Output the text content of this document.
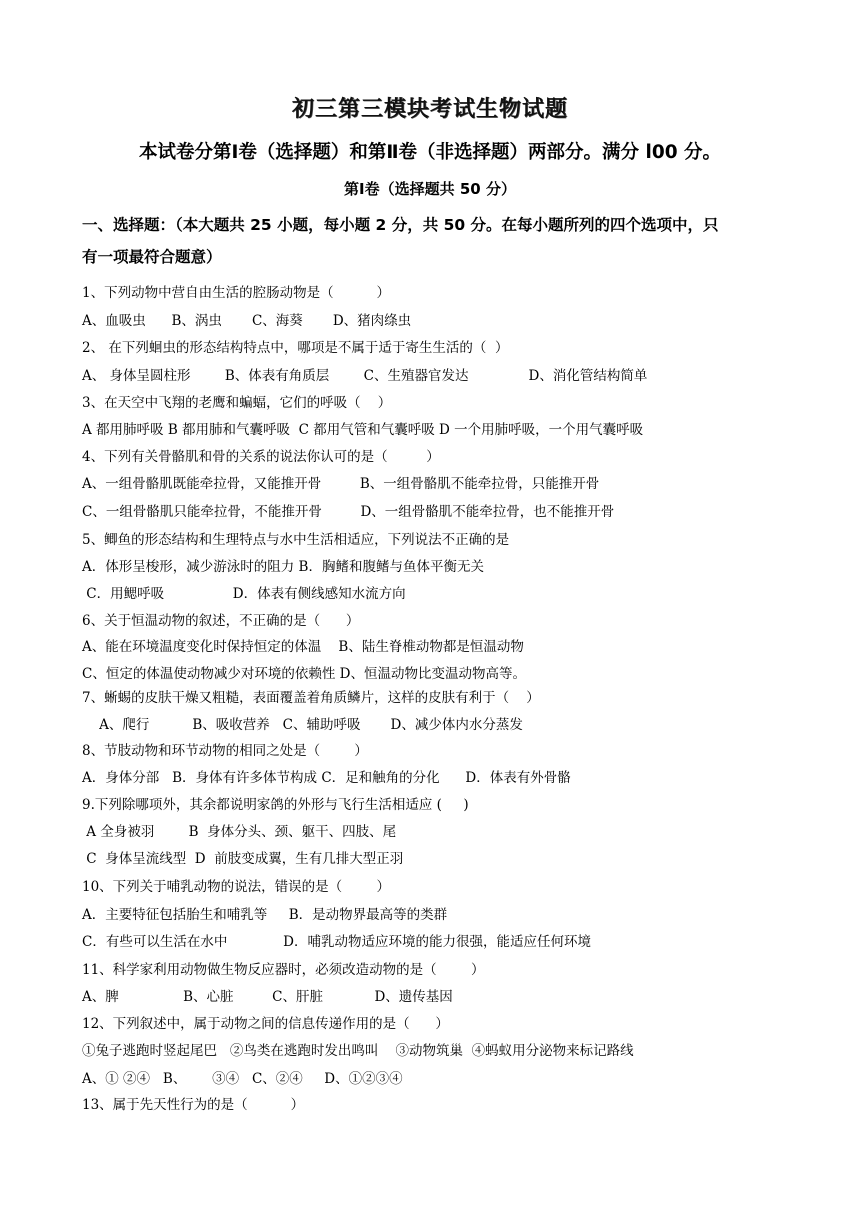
初三第三模块考试生物试题
本试卷分第Ⅰ卷（选择题）和第Ⅱ卷（非选择题）两部分。满分 l00 分。
第Ⅰ卷（选择题共 50 分）
一、选择题：（本大题共 25 小题，每小题 2 分，共 50 分。在每小题所列的四个选项中，只
有一项最符合题意）
1、下列动物中营自由生活的腔肠动物是（          ）
A、血吸虫      B、涡虫       C、海葵       D、猪肉绦虫
2、 在下列蛔虫的形态结构特点中，哪项是不属于适于寄生生活的（  ）
A、 身体呈圆柱形        B、体表有角质层        C、生殖器官发达              D、消化管结构简单
3、在天空中飞翔的老鹰和蝙蝠，它们的呼吸（    ）
A 都用肺呼吸 B 都用肺和气囊呼吸  C 都用气管和气囊呼吸 D 一个用肺呼吸，一个用气囊呼吸
4、下列有关骨骼肌和骨的关系的说法你认可的是（         ）
A、一组骨骼肌既能牵拉骨，又能推开骨         B、一组骨骼肌不能牵拉骨，只能推开骨
C、一组骨骼肌只能牵拉骨，不能推开骨         D、一组骨骼肌不能牵拉骨，也不能推开骨
5、鲫鱼的形态结构和生理特点与水中生活相适应，下列说法不正确的是
A．体形呈梭形，减少游泳时的阻力 B．胸鳍和腹鳍与鱼体平衡无关
C．用鳃呼吸                D．体表有侧线感知水流方向
6、关于恒温动物的叙述，不正确的是（      ）
A、能在环境温度变化时保持恒定的体温    B、陆生脊椎动物都是恒温动物
C、恒定的体温使动物减少对环境的依赖性 D、恒温动物比变温动物高等。
7、蜥蜴的皮肤干燥又粗糙，表面覆盖着角质鳞片，这样的皮肤有利于（    ）
A、爬行          B、吸收营养   C、辅助呼吸       D、减少体内水分蒸发
8、节肢动物和环节动物的相同之处是（        ）
A．身体分部   B．身体有许多体节构成 C．足和触角的分化      D．体表有外骨骼
9.下列除哪项外，其余都说明家鸽的外形与飞行生活相适应 (     )
A 全身被羽        B  身体分头、颈、躯干、四肢、尾
C  身体呈流线型  D  前肢变成翼，生有几排大型正羽
10、下列关于哺乳动物的说法，错误的是（        ）
A．主要特征包括胎生和哺乳等     B．是动物界最高等的类群
C．有些可以生活在水中             D．哺乳动物适应环境的能力很强，能适应任何环境
11、科学家利用动物做生物反应器时，必须改造动物的是（        ）
A、脾               B、心脏         C、肝脏            D、遗传基因
12、下列叙述中，属于动物之间的信息传递作用的是（      ）
①兔子逃跑时竖起尾巴   ②鸟类在逃跑时发出鸣叫    ③动物筑巢  ④蚂蚁用分泌物来标记路线
A、① ②④   B、      ③④   C、②④     D、①②③④
13、属于先天性行为的是（          ）
